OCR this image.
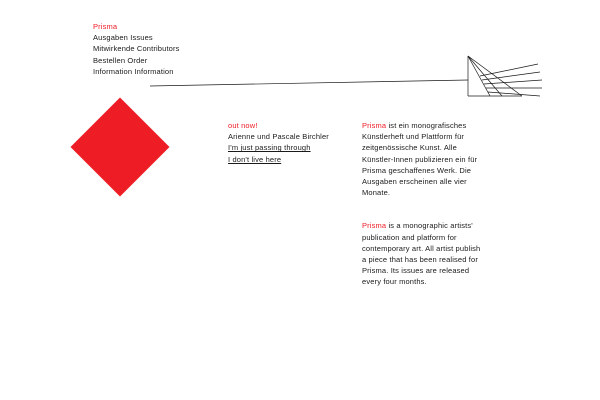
Prisma
Ausgaben Issues
Mitwirkende Contributors
Bestellen Order
Information Information
out now!
Arienne und Pascale Birchler
I'm just passing through
I don't live here

Prisma ist ein monografisches Künstlerheft und Plattform für zeitgenössische Kunst. Alle Künstler-Innen publizieren ein für Prisma geschaffenes Werk. Die Ausgaben erscheinen alle vier Monate.

Prisma is a monographic artists' publication and platform for contemporary art. All artist publish a piece that has been realised for Prisma. Its issues are released every four months.
